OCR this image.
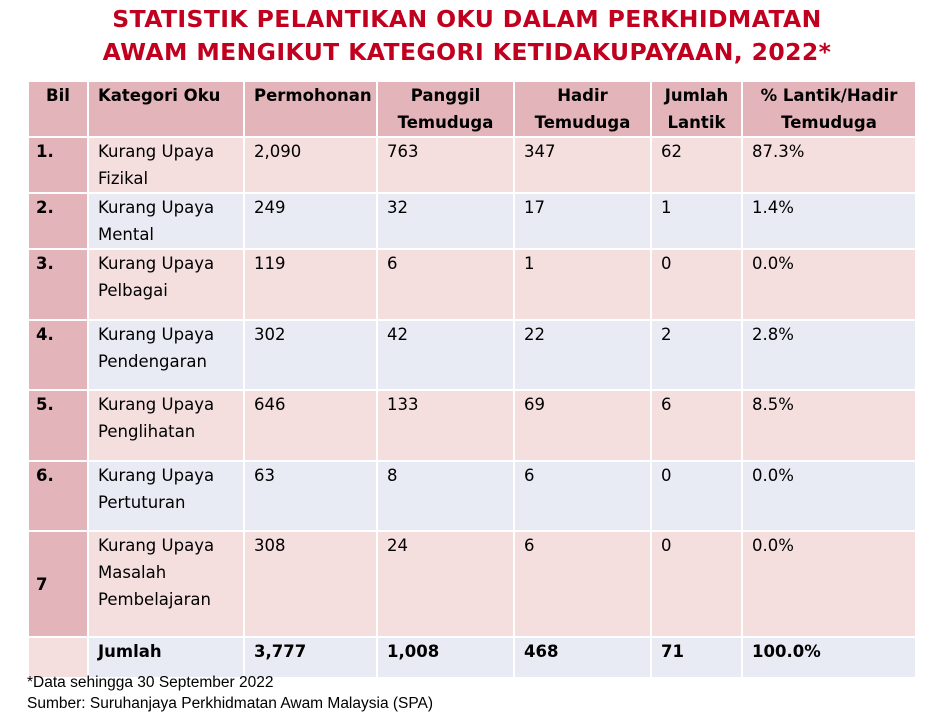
STATISTIK PELANTIKAN OKU DALAM PERKHIDMATAN
AWAM MENGIKUT KATEGORI KETIDAKUPAYAAN, 2022*
Bil	Kategori Oku	Permohonan	Panggil Temuduga	Hadir Temuduga	Jumlah Lantik	% Lantik/Hadir Temuduga
1.	Kurang Upaya Fizikal	2,090	763	347	62	87.3%
2.	Kurang Upaya Mental	249	32	17	1	1.4%
3.	Kurang Upaya Pelbagai	119	6	1	0	0.0%
4.	Kurang Upaya Pendengaran	302	42	22	2	2.8%
5.	Kurang Upaya Penglihatan	646	133	69	6	8.5%
6.	Kurang Upaya Pertuturan	63	8	6	0	0.0%
7	Kurang Upaya Masalah Pembelajaran	308	24	6	0	0.0%
	Jumlah	3,777	1,008	468	71	100.0%
*Data sehingga 30 September 2022
Sumber: Suruhanjaya Perkhidmatan Awam Malaysia (SPA)
